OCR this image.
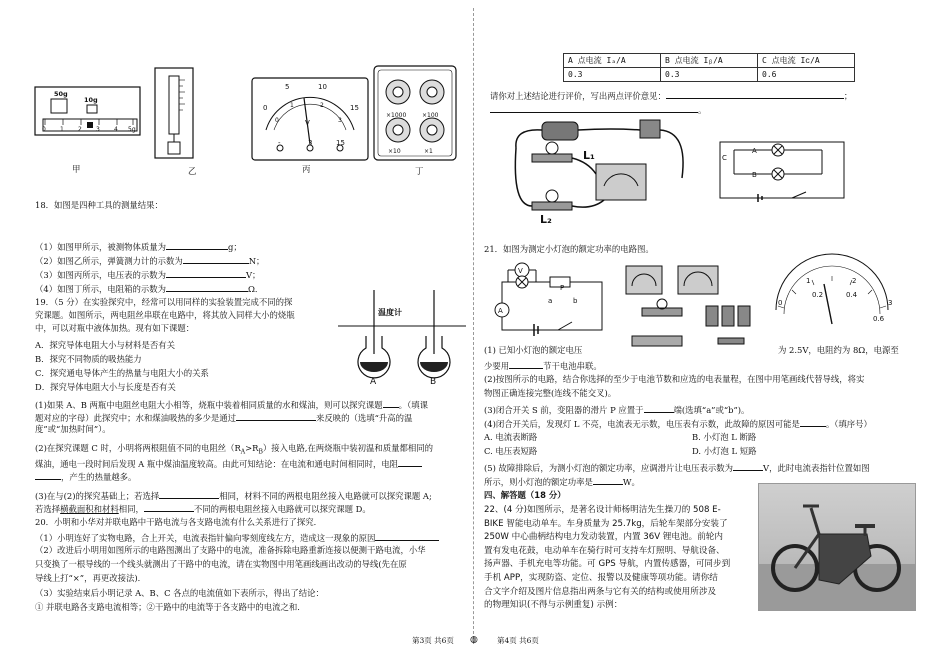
50g
10g
0 1 2 3 4 5g
0
5	10
15
0
1	2
3
V
-	3	15
×1000	×100
×10	×1
甲	乙	丙	丁
18．如图是四种工具的测量结果：
（1）如图甲所示，被测物体质量为	g；
（2）如图乙所示，弹簧测力计的示数为	N；
（3）如图丙所示，电压表的示数为	V；
（4）如图丁所示，电阻箱的示数为	Ω．
19．（5 分）在实验探究中，经常可以用同样的实验装置完成不同的探
究课题。如图所示，两电阻丝串联在电路中，将其放入同样大小的烧瓶
中，可以对瓶中液体加热。现有如下课题：
A．探究导体电阻大小与材料是否有关
B．探究不同物质的吸热能力
C．探究通电导体产生的热量与电阻大小的关系
D．探究导体电阻大小与长度是否有关
温度计
A	B
(1)如果 A、B 两瓶中电阻丝电阻大小相等，烧瓶中装着相同质量的水和煤油，则可以探究课题 。（填课
题对应的字母）此探究中；水和煤油吸热的多少是通过	来反映的（选填“升高的温
度”或“加热时间”）。
(2)在探究课题 C 时，小明将两根阻值不同的电阻丝$(R_A>R_B)$接入电路,在两烧瓶中装初温和质量都相同的
煤油，通电一段时间后发现 A 瓶中煤油温度较高。由此可知结论：在电流和通电时间相同时，电阻
，产生的热量越多。
(3)在与(2)的探究基础上；若选择	相同，材料不同的两根电阻丝接入电路就可以探究课题 A;
若选择横截面积和材料相同，	不同的两根电阻丝接入电路就可以探究课题 D。
20．小明和小华对并联电路中干路电流与各支路电流有什么关系进行了探究．
（1）小明连好了实物电路，合上开关，电流表指针偏向零刻度线左方，造成这一现象的原因
（2）改进后小明用如图所示的电路图测出了支路中的电流，准备拆除电路重新连接以便测干路电流，小华
只变换了一根导线的一个线头就测出了干路中的电流，请在实物图中用笔画线画出改动的导线(先在原
导线上打“×”，再更改接法)．
（3）实验结束后小明记录 A、B、C 各点的电流值如下表所示，得出了结论：
① 并联电路各支路电流相等；②干路中的电流等于各支路中的电流之和．
A 点电流 Iₐ/A	B 点电流 Iᵦ/A	C 点电流 Iᴄ/A
0.3	0.3	0.6
请你对上述结论进行评价，写出两点评价意见：	；
。
L₁
L₂
C
A
B
21．如图为测定小灯泡的额定功率的电路图。
V
A
P
a	b	0
0.2	0.4
0.6
1	2
3
(1) 已知小灯泡的额定电压	为 2.5V，电阻约为 8Ω，电源至
少要用	节干电池串联。
(2)按图所示的电路，结合你选择的至少于电池节数和应选的电表量程，在图中用笔画线代替导线，将实
物图正确连接完整(连线不能交叉)。
(3)闭合开关 S 前，变阻器的滑片 P 应置于	端(选填“a”或“b”)。
(4)闭合开关后，发现灯 L 不亮，电流表无示数，电压表有示数，此故障的原因可能是	。（填序号）
A. 电流表断路	B. 小灯泡 L 断路
C. 电压表短路	D. 小灯泡 L 短路
(5) 故障排除后，为测小灯泡的额定功率，应调滑片让电压表示数为	V，此时电流表指针位置如图
所示，则小灯泡的额定功率是	W。
四、解答题（18 分）
22、(4 分)如图所示，是著名设计师杨明洁先生操刀的 508 E-
BIKE 智能电动单车。车身质量为 25.7kg，后轮车架部分安装了
250W 中心曲柄结构电力发动装置，内置 36V 锂电池。前轮内
置有发电花鼓，电动单车在骑行时可支持车灯照明、导航设备、
扬声器、手机充电等功能。可 GPS 导航，内置传感器，可同步到
手机 APP，实现防盗、定位、报警以及健康等项功能。请你结
合文字介绍及图片信息指出两条与它有关的结构或使用所涉及
的物理知识(不得与示例重复) 示例：
第3页 共6页 ◍	第4页 共6页
